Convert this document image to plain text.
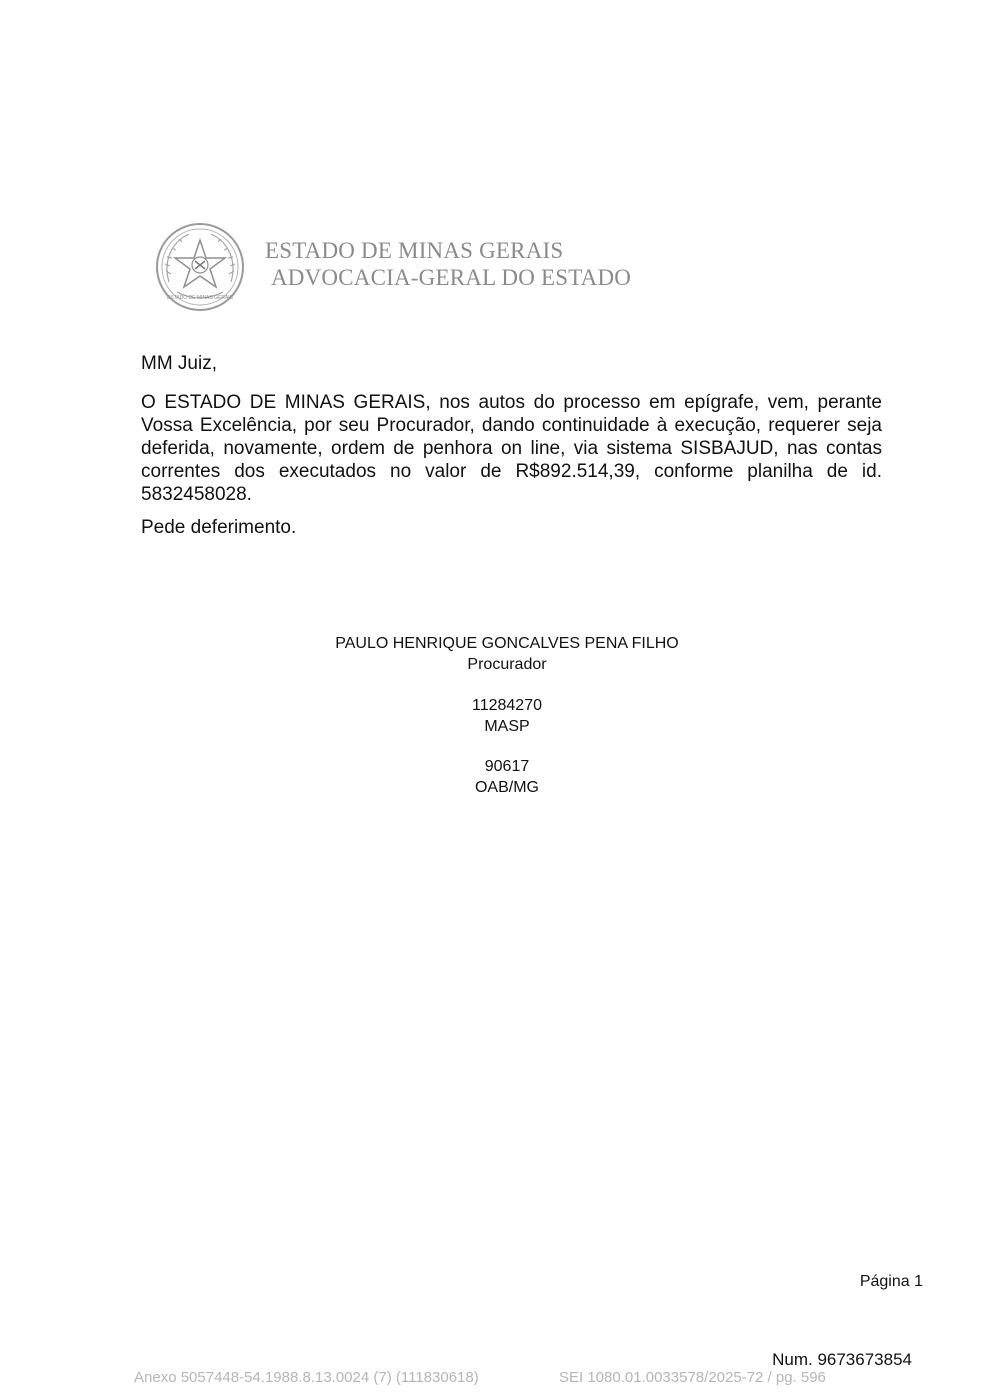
ESTADO DE MINAS GERAIS
ESTADO DE MINAS GERAIS
ADVOCACIA-GERAL DO ESTADO
MM Juiz,
O ESTADO DE MINAS GERAIS, nos autos do processo em epígrafe, vem, perante Vossa Excelência, por seu Procurador, dando continuidade à execução, requerer seja deferida, novamente, ordem de penhora on line, via sistema SISBAJUD, nas contas correntes dos executados no valor de R$892.514,39, conforme planilha de id. 5832458028.
Pede deferimento.
PAULO HENRIQUE GONCALVES PENA FILHO
Procurador
11284270
MASP
90617
OAB/MG
Página 1
Num. 9673673854
Anexo 5057448-54.1988.8.13.0024 (7) (111830618)	SEI 1080.01.0033578/2025-72 / pg. 596
